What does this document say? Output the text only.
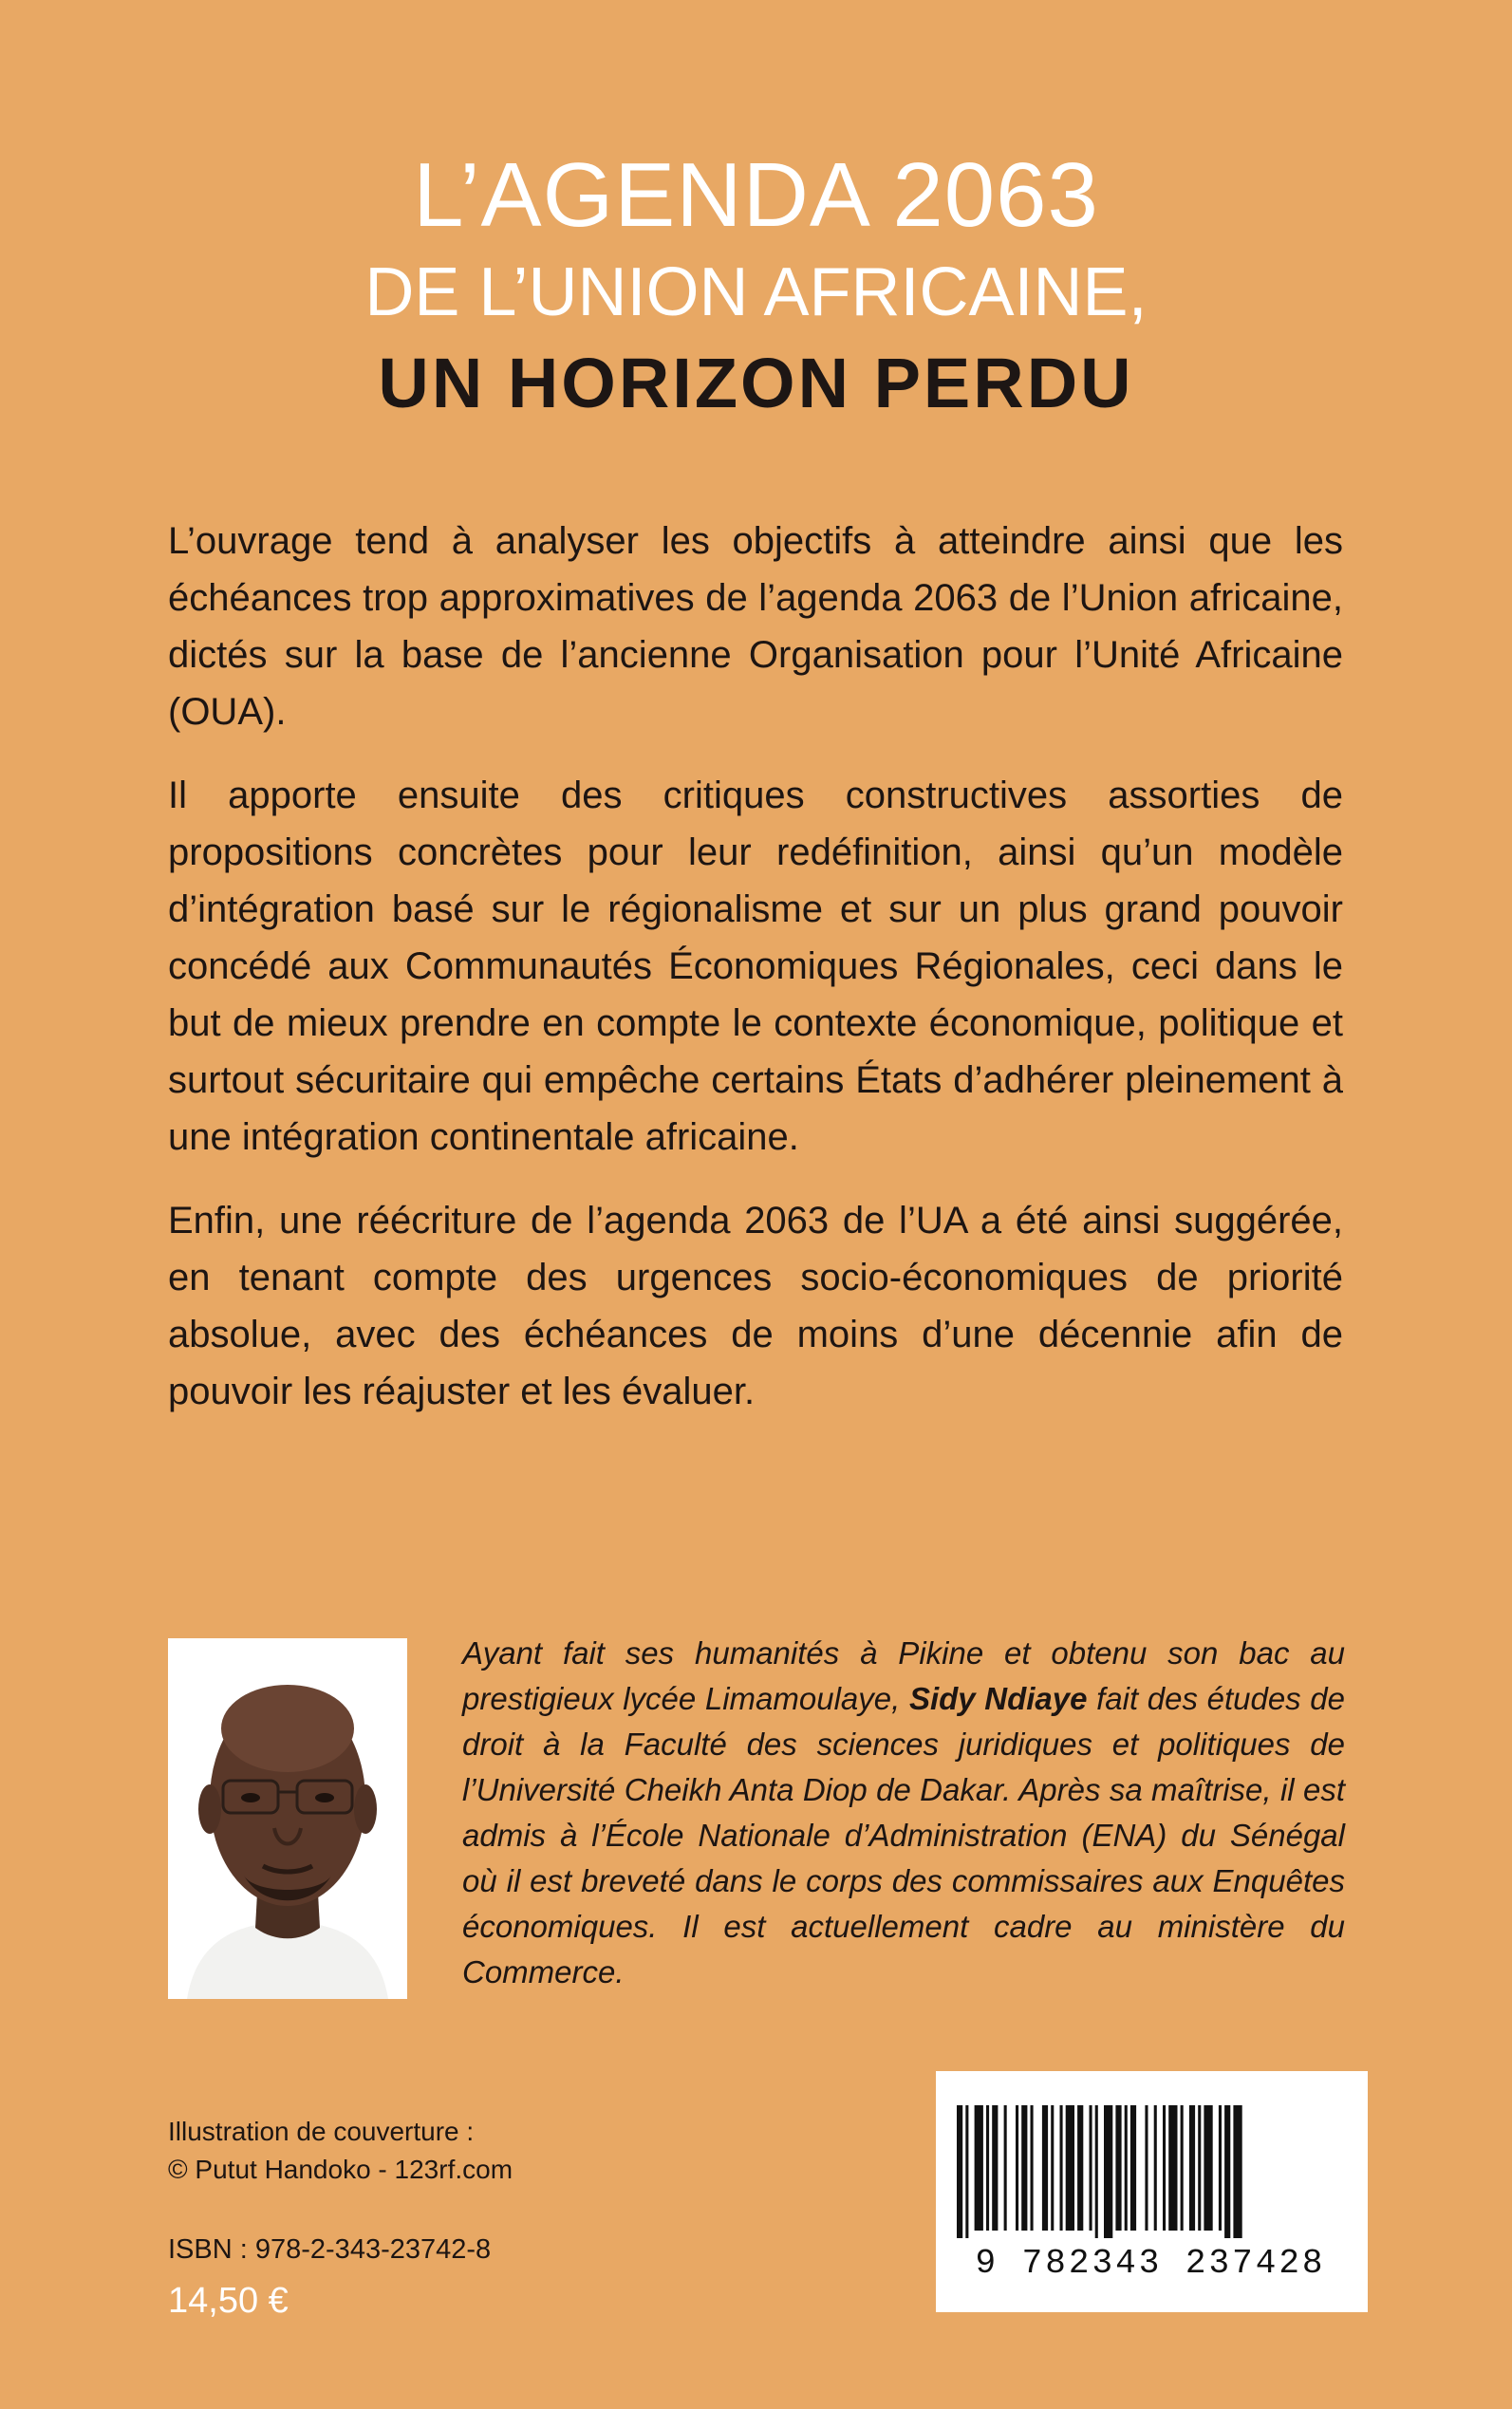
L’AGENDA 2063
DE L’UNION AFRICAINE,
UN HORIZON PERDU

L’ouvrage tend à analyser les objectifs à atteindre ainsi que les échéances trop approximatives de l’agenda 2063 de l’Union africaine, dictés sur la base de l’ancienne Organisation pour l’Unité Africaine (OUA).

Il apporte ensuite des critiques constructives assorties de propositions concrètes pour leur redéfinition, ainsi qu’un modèle d’intégration basé sur le régionalisme et sur un plus grand pouvoir concédé aux Communautés Économiques Régionales, ceci dans le but de mieux prendre en compte le contexte économique, politique et surtout sécuritaire qui empêche certains États d’adhérer pleinement à une intégration continentale africaine.

Enfin, une réécriture de l’agenda 2063 de l’UA a été ainsi suggérée, en tenant compte des urgences socio-économiques de priorité absolue, avec des échéances de moins d’une décennie afin de pouvoir les réajuster et les évaluer.

Ayant fait ses humanités à Pikine et obtenu son bac au prestigieux lycée Limamoulaye, Sidy Ndiaye fait des études de droit à la Faculté des sciences juridiques et politiques de l’Université Cheikh Anta Diop de Dakar. Après sa maîtrise, il est admis à l’École Nationale d’Administration (ENA) du Sénégal où il est breveté dans le corps des commissaires aux Enquêtes économiques. Il est actuellement cadre au ministère du Commerce.
Illustration de couverture :
© Putut Handoko - 123rf.com
ISBN : 978-2-343-23742-8
14,50 €
9 782343 237428
